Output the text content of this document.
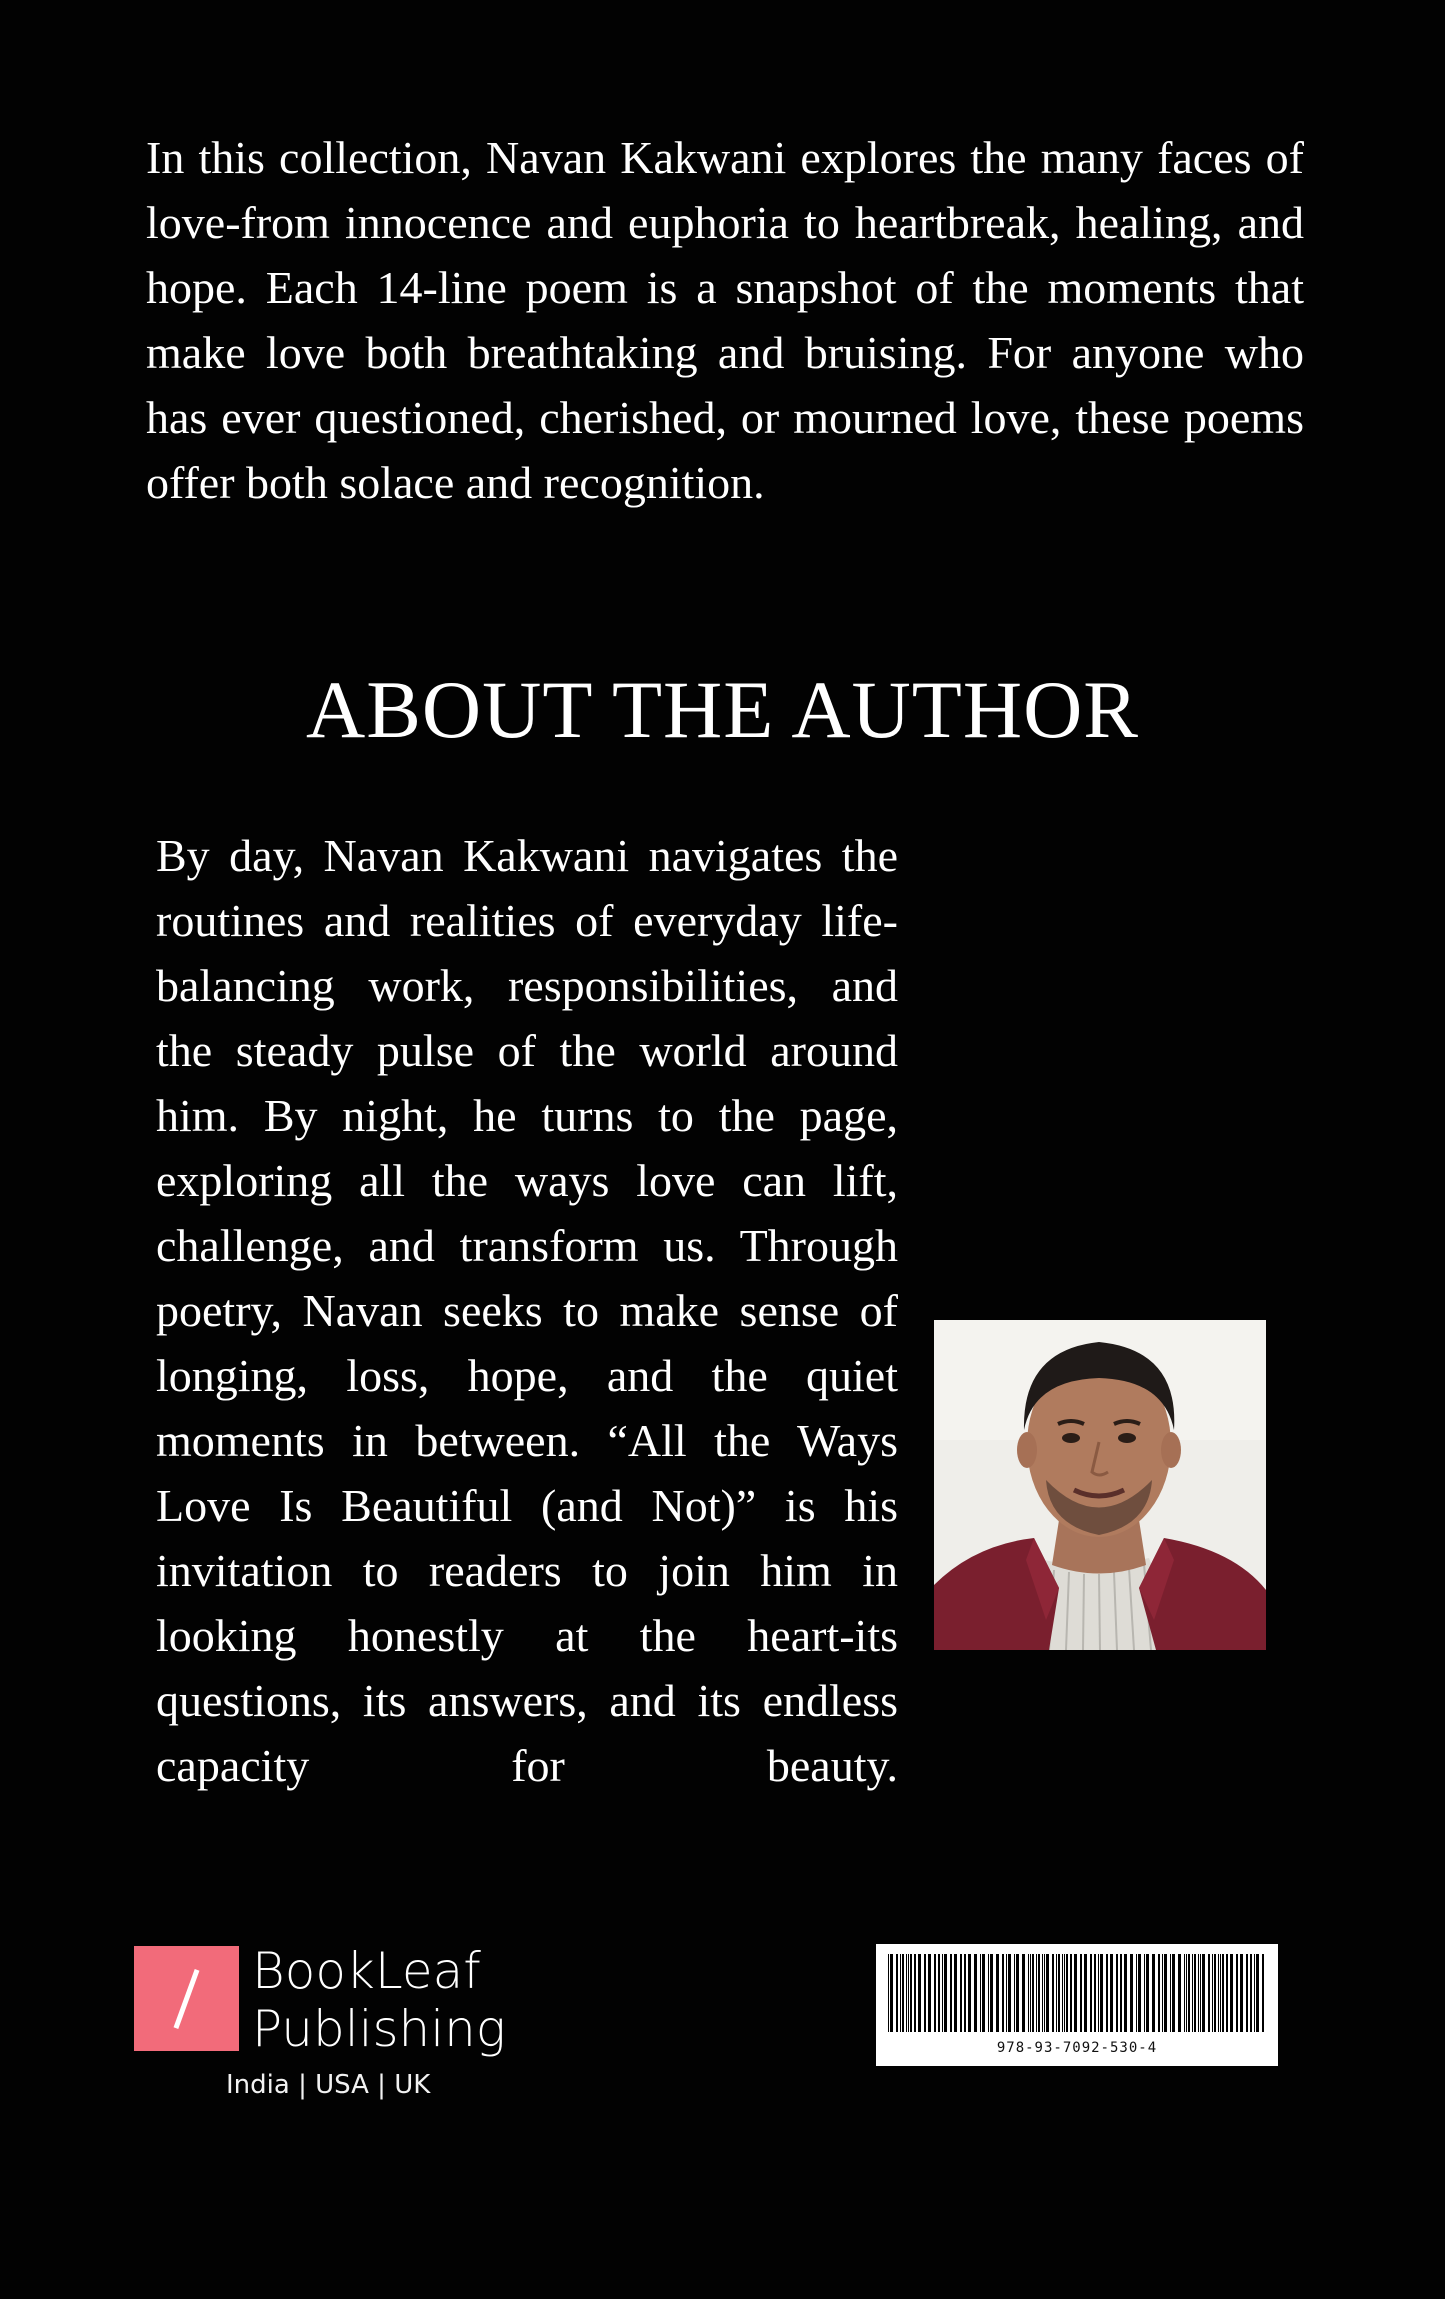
In this collection, Navan Kakwani explores the many faces of love-from innocence and euphoria to heartbreak, healing, and hope. Each 14-line poem is a snapshot of the moments that make love both breathtaking and bruising. For anyone who has ever questioned, cherished, or mourned love, these poems offer both solace and recognition.

ABOUT THE AUTHOR

By day, Navan Kakwani navigates the routines and realities of everyday life-balancing work, responsibilities, and the steady pulse of the world around him. By night, he turns to the page, exploring all the ways love can lift, challenge, and transform us. Through poetry, Navan seeks to make sense of longing, loss, hope, and the quiet moments in between. “All the Ways Love Is Beautiful (and Not)” is his invitation to readers to join him in looking honestly at the heart-its questions, its answers, and its endless capacity for beauty.

BookLeaf
Publishing
India | USA | UK
978-93-7092-530-4
